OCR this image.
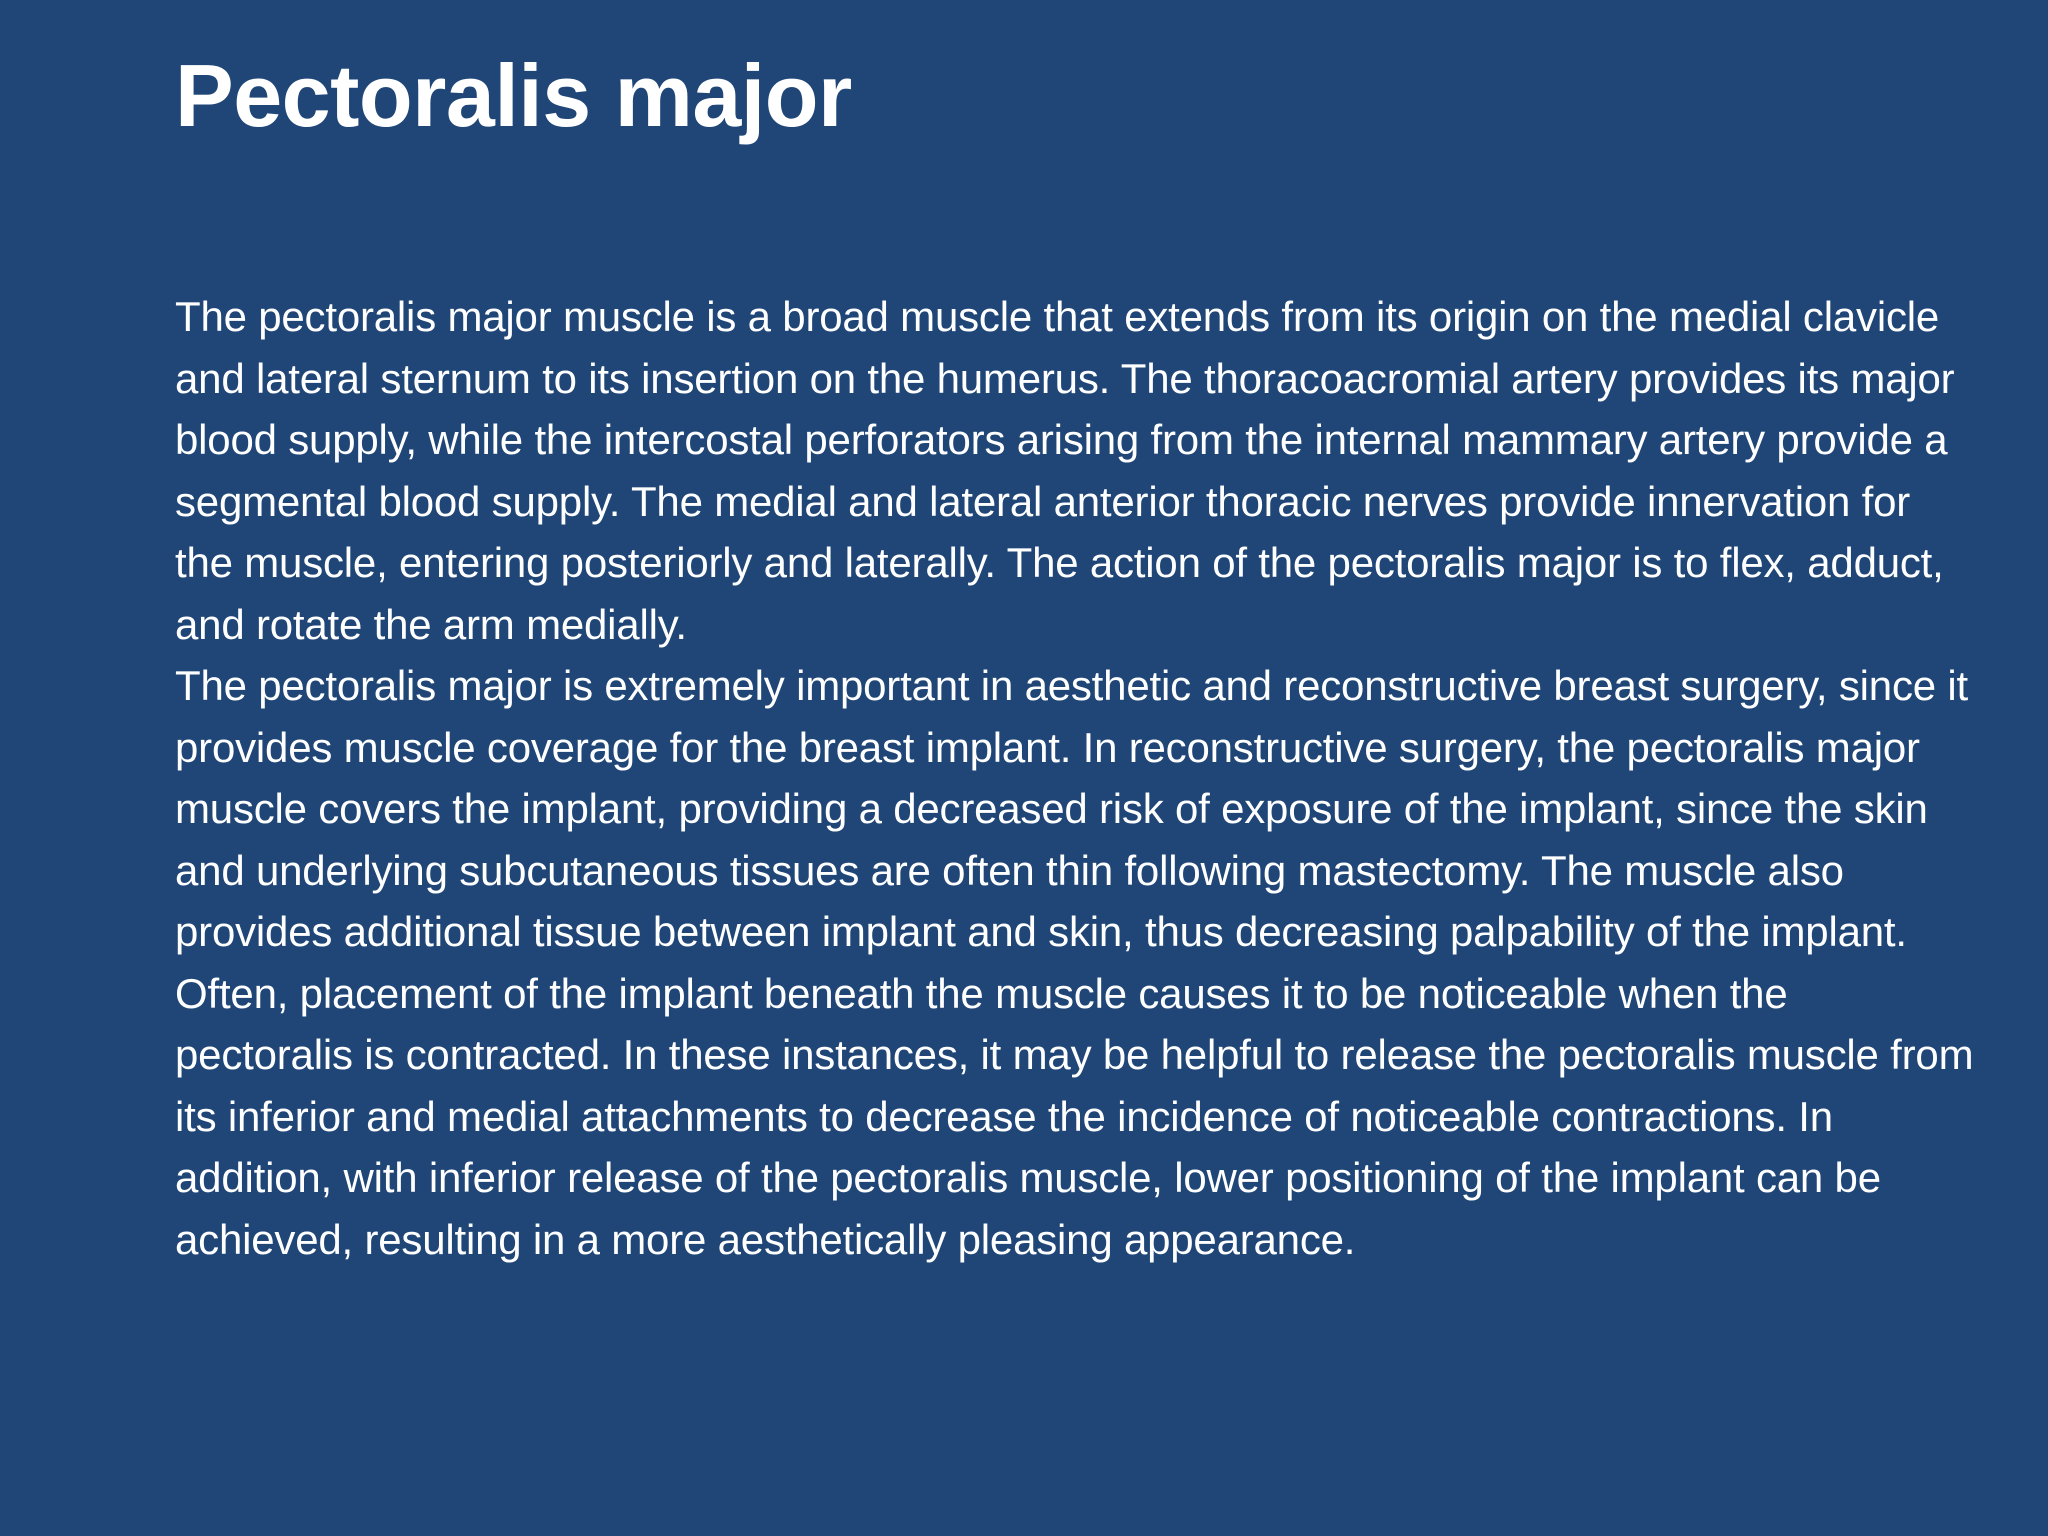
Pectoralis major

The pectoralis major muscle is a broad muscle that extends from its origin on the medial clavicle and lateral sternum to its insertion on the humerus. The thoracoacromial artery provides its major blood supply, while the intercostal perforators arising from the internal mammary artery provide a segmental blood supply. The medial and lateral anterior thoracic nerves provide innervation for the muscle, entering posteriorly and laterally. The action of the pectoralis major is to flex, adduct, and rotate the arm medially.

The pectoralis major is extremely important in aesthetic and reconstructive breast surgery, since it provides muscle coverage for the breast implant. In reconstructive surgery, the pectoralis major muscle covers the implant, providing a decreased risk of exposure of the implant, since the skin and underlying subcutaneous tissues are often thin following mastectomy. The muscle also provides additional tissue between implant and skin, thus decreasing palpability of the implant.

Often, placement of the implant beneath the muscle causes it to be noticeable when the pectoralis is contracted. In these instances, it may be helpful to release the pectoralis muscle from its inferior and medial attachments to decrease the incidence of noticeable contractions. In addition, with inferior release of the pectoralis muscle, lower positioning of the implant can be achieved, resulting in a more aesthetically pleasing appearance.
